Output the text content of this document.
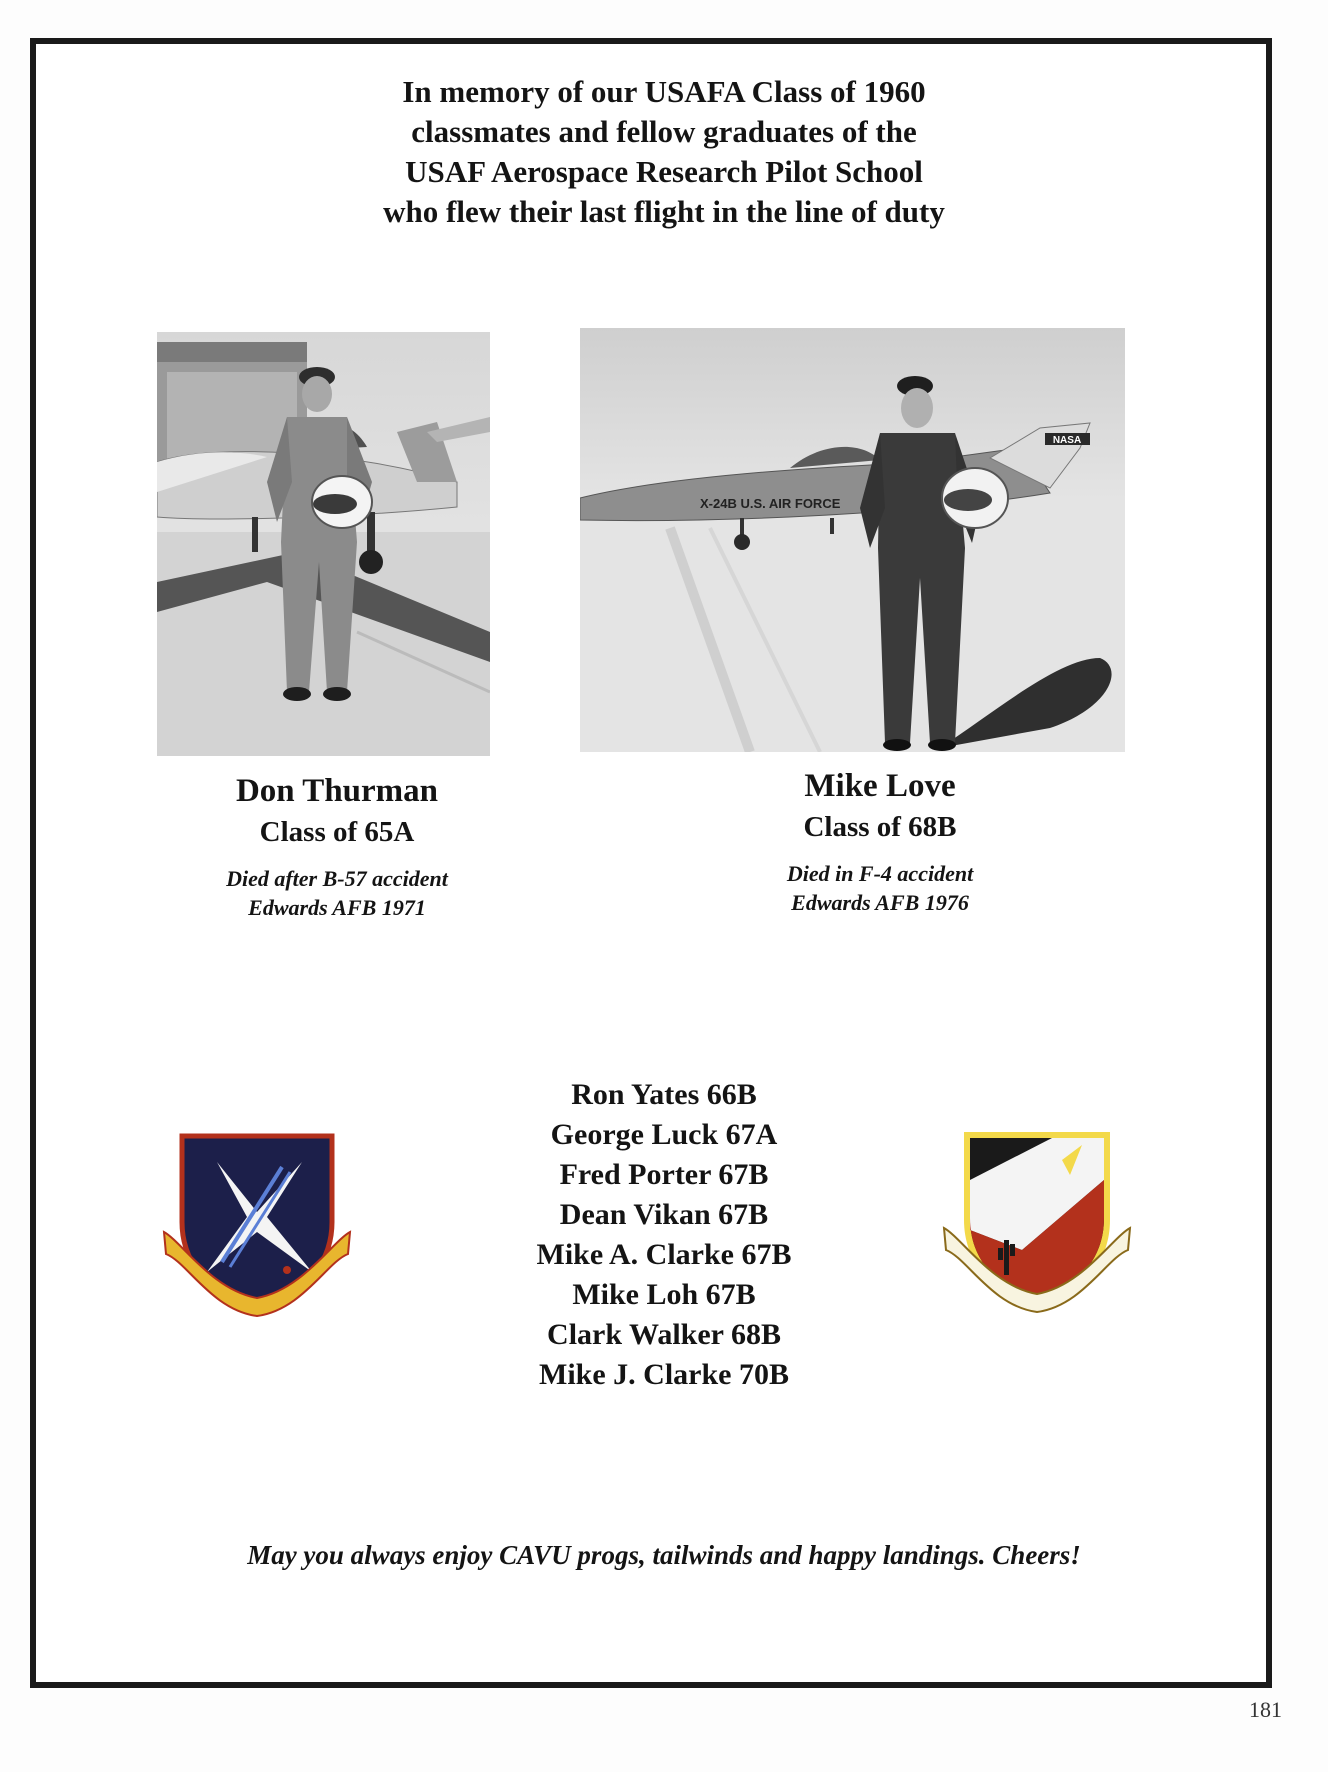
In memory of our USAFA Class of 1960
classmates and fellow graduates of the
USAF Aerospace Research Pilot School
who flew their last flight in the line of duty
NASA
X-24B U.S. AIR FORCE
Don Thurman
Class of 65A
Died after B-57 accident
Edwards AFB 1971
Mike Love
Class of 68B
Died in F-4 accident
Edwards AFB 1976
Ron Yates 66B
George Luck 67A
Fred Porter 67B
Dean Vikan 67B
Mike A. Clarke 67B
Mike Loh 67B
Clark Walker 68B
Mike J. Clarke 70B
May you always enjoy CAVU progs, tailwinds and happy landings. Cheers!
181
